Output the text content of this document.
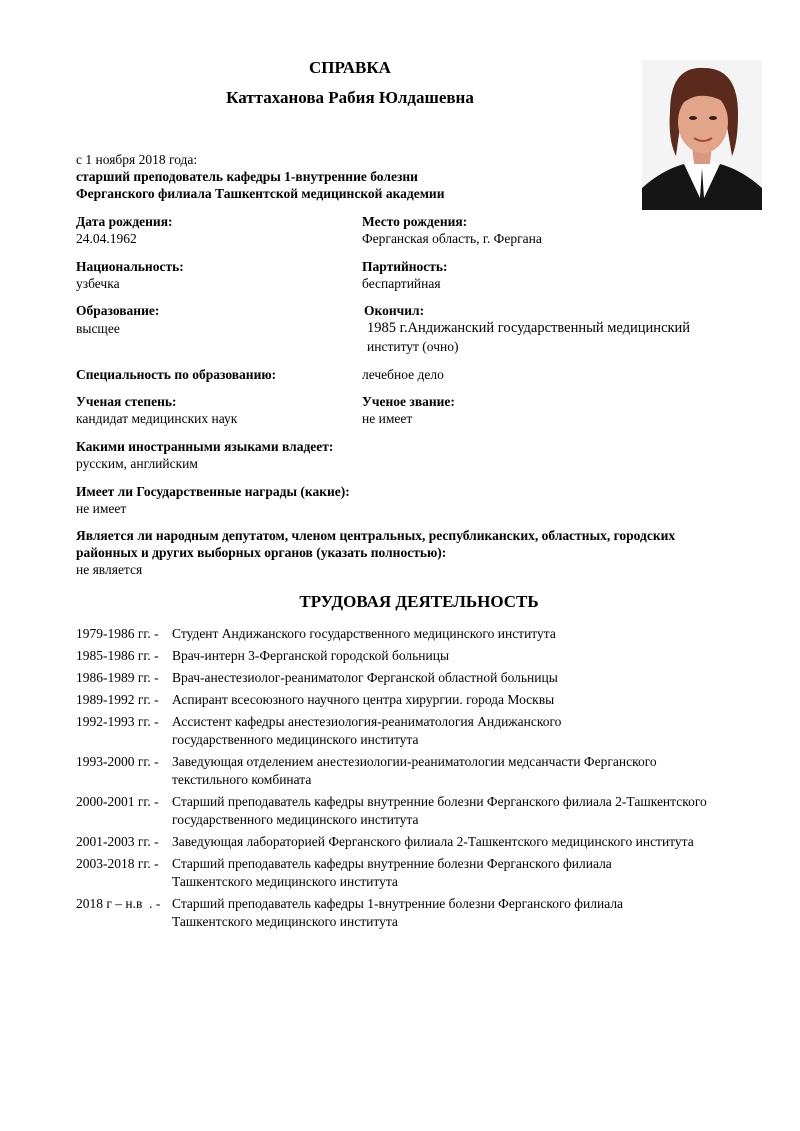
СПРАВКА
Каттаханова Рабия Юлдашевна
с 1 ноября 2018 года:
старший преподователь кафедры 1-внутренние болезни
Ферганского филиала Ташкентской медицинской академии
Дата рождения:
24.04.1962
Место рождения:
Ферганская область, г. Фергана
Национальность:
узбечка
Партийность:
беспартийная
Образование:
высщее
Окончил:
1985 г.Андижанский государственный медицинский
институт (очно)
Специальность по образованию:	лечебное дело
Ученая степень:
кандидат медицинских наук
Ученое звание:
не имеет
Какими иностранными языками владеет:
русским, английским
Имеет ли Государственные награды (какие):
не имеет
Является ли народным депутатом, членом центральных, республиканских, областных, городских
районных и других выборных органов (указать полностью):
не является
ТРУДОВАЯ ДЕЯТЕЛЬНОСТЬ
1979-1986 гг. - Студент Андижанского государственного медицинского института
1985-1986 гг. - Врач-интерн 3-Ферганской городской больницы
1986-1989 гг. - Врач-анестезиолог-реаниматолог Ферганской областной больницы
1989-1992 гг. - Аспирант всесоюзного научного центра хирургии. города Москвы
1992-1993 гг. - Ассистент кафедры анестезиология-реаниматология Андижанского
государственного медицинского института
1993-2000 гг. - Заведующая отделением анестезиологии-реаниматологии медсанчасти Ферганского
текстильного комбината
2000-2001 гг. - Старший преподаватель кафедры внутренние болезни Ферганского филиала 2-Ташкентского
государственного медицинского института
2001-2003 гг. - Заведующая лабораторией Ферганского филиала 2-Ташкентского медицинского института
2003-2018 гг. - Старший преподаватель кафедры внутренние болезни Ферганского филиала
Ташкентского медицинского института
2018 г – н.в  . - Старший преподаватель кафедры 1-внутренние болезни Ферганского филиала
Ташкентского медицинского института
